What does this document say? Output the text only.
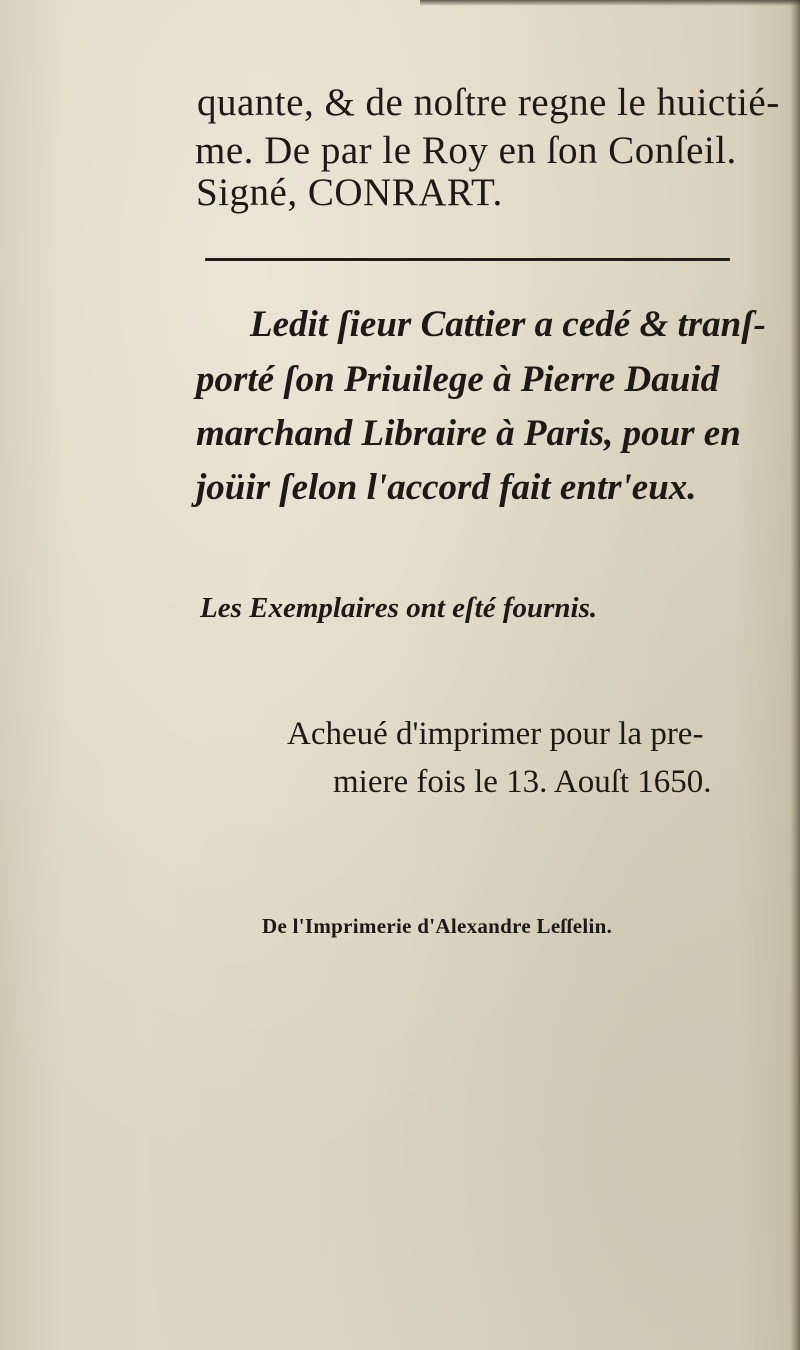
quante, & de noſtre regne le huictié-
me. De par le Roy en ſon Conſeil.
Signé, CONRART.
Ledit ſieur Cattier a cedé & tranſ-
porté ſon Priuilege à Pierre Dauid
marchand Libraire à Paris, pour en
joüir ſelon l'accord fait entr'eux.
Les Exemplaires ont eſté fournis.
Acheué d'imprimer pour la pre-
miere fois le 13. Aouſt 1650.
De l'Imprimerie d'Alexandre Leſſelin.
